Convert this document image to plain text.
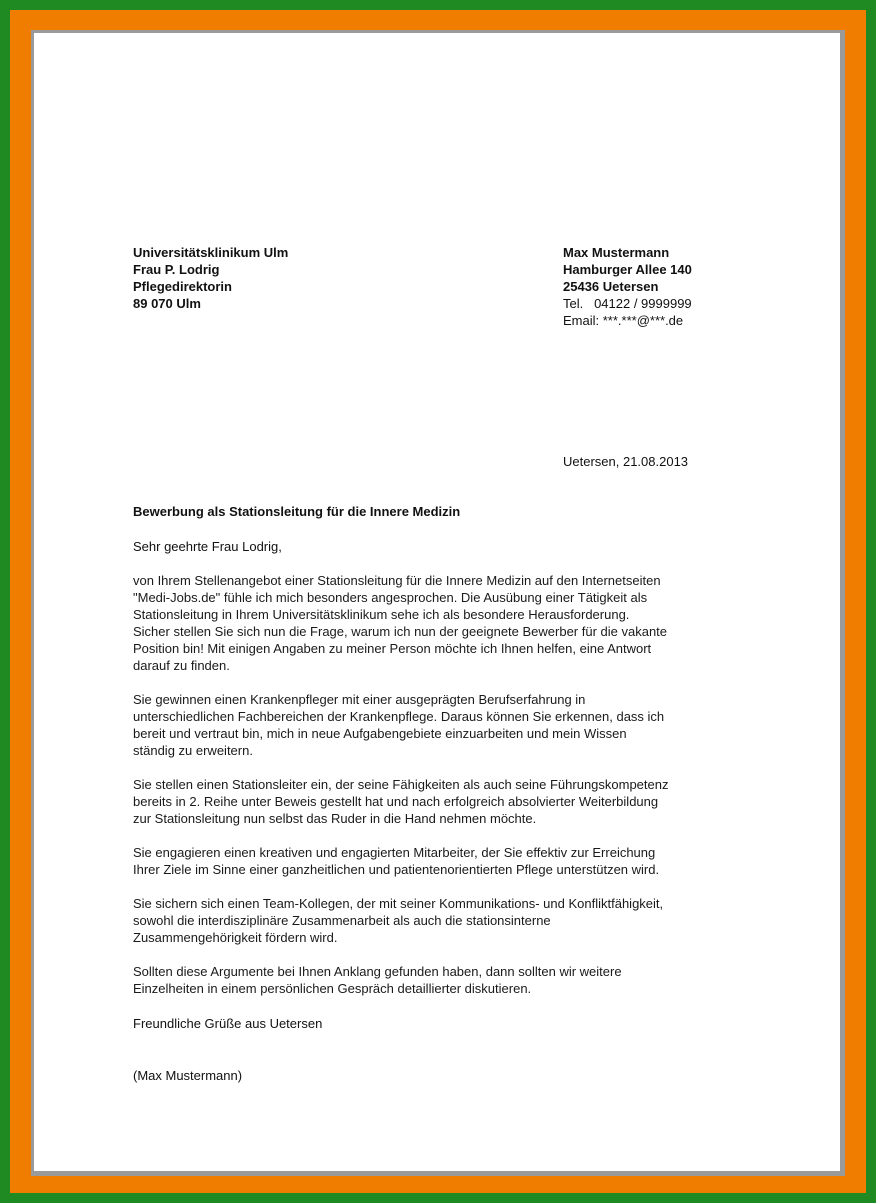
Universitätsklinikum Ulm
Frau P. Lodrig
Pflegedirektorin
89 070 Ulm
Max Mustermann
Hamburger Allee 140
25436 Uetersen
Tel.   04122 / 9999999
Email: ***.***@***.de
Uetersen, 21.08.2013
Bewerbung als Stationsleitung für die Innere Medizin
Sehr geehrte Frau Lodrig,
von Ihrem Stellenangebot einer Stationsleitung für die Innere Medizin auf den Internetseiten
"Medi-Jobs.de" fühle ich mich besonders angesprochen. Die Ausübung einer Tätigkeit als
Stationsleitung in Ihrem Universitätsklinikum sehe ich als besondere Herausforderung.
Sicher stellen Sie sich nun die Frage, warum ich nun der geeignete Bewerber für die vakante
Position bin! Mit einigen Angaben zu meiner Person möchte ich Ihnen helfen, eine Antwort
darauf zu finden.
Sie gewinnen einen Krankenpfleger mit einer ausgeprägten Berufserfahrung in
unterschiedlichen Fachbereichen der Krankenpflege. Daraus können Sie erkennen, dass ich
bereit und vertraut bin, mich in neue Aufgabengebiete einzuarbeiten und mein Wissen
ständig zu erweitern.
Sie stellen einen Stationsleiter ein, der seine Fähigkeiten als auch seine Führungskompetenz
bereits in 2. Reihe unter Beweis gestellt hat und nach erfolgreich absolvierter Weiterbildung
zur Stationsleitung nun selbst das Ruder in die Hand nehmen möchte.
Sie engagieren einen kreativen und engagierten Mitarbeiter, der Sie effektiv zur Erreichung
Ihrer Ziele im Sinne einer ganzheitlichen und patientenorientierten Pflege unterstützen wird.
Sie sichern sich einen Team-Kollegen, der mit seiner Kommunikations- und Konfliktfähigkeit,
sowohl die interdisziplinäre Zusammenarbeit als auch die stationsinterne
Zusammengehörigkeit fördern wird.
Sollten diese Argumente bei Ihnen Anklang gefunden haben, dann sollten wir weitere
Einzelheiten in einem persönlichen Gespräch detaillierter diskutieren.
Freundliche Grüße aus Uetersen
(Max Mustermann)
